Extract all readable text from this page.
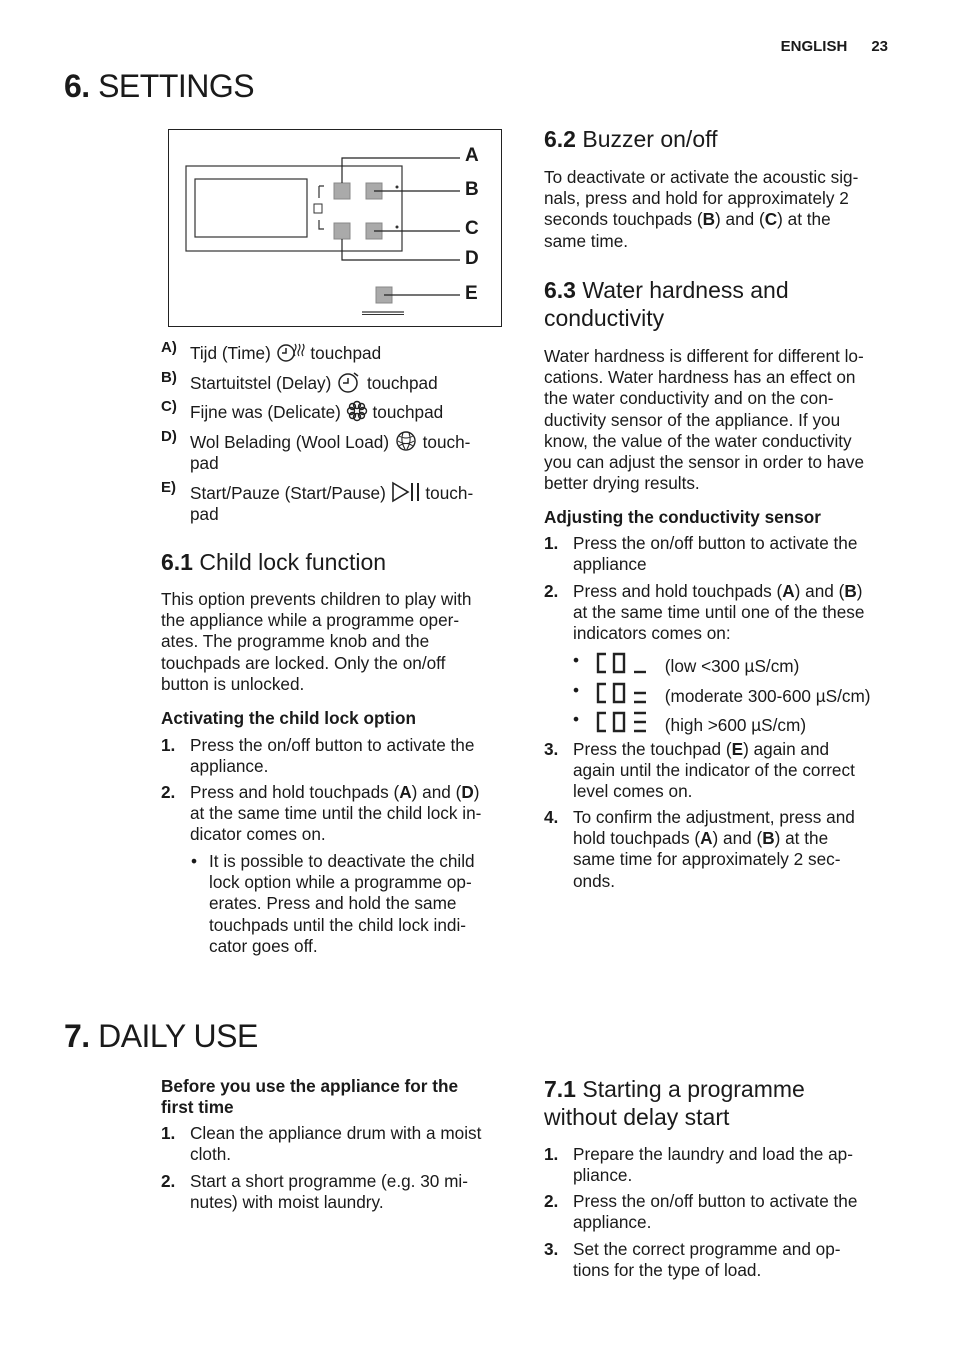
ENGLISH 23
6. SETTINGS
A
B
C
D
E
A) Tijd (Time) touchpad
B) Startuitstel (Delay) touchpad
C) Fijne was (Delicate) touchpad
D) Wol Belading (Wool Load) touch-
pad
E) Start/Pauze (Start/Pause) touch-
pad
6.1 Child lock function
This option prevents children to play with
the appliance while a programme oper-
ates. The programme knob and the
touchpads are locked. Only the on/off
button is unlocked.
Activating the child lock option
1. Press the on/off button to activate the
appliance.
2. Press and hold touchpads (A) and (D)
at the same time until the child lock in-
dicator comes on.
• It is possible to deactivate the child
lock option while a programme op-
erates. Press and hold the same
touchpads until the child lock indi-
cator goes off.
6.2 Buzzer on/off
To deactivate or activate the acoustic sig-
nals, press and hold for approximately 2
seconds touchpads (B) and (C) at the
same time.
6.3 Water hardness and
conductivity
Water hardness is different for different lo-
cations. Water hardness has an effect on
the water conductivity and on the con-
ductivity sensor of the appliance. If you
know, the value of the water conductivity
you can adjust the sensor in order to have
better drying results.
Adjusting the conductivity sensor
1. Press the on/off button to activate the
appliance
2. Press and hold touchpads (A) and (B)
at the same time until one of the these
indicators comes on:
•	(low <300 µS/cm)
•	(moderate 300-600 µS/cm)
•	(high >600 µS/cm)
3. Press the touchpad (E) again and
again until the indicator of the correct
level comes on.
4. To confirm the adjustment, press and
hold touchpads (A) and (B) at the
same time for approximately 2 sec-
onds.
7. DAILY USE
Before you use the appliance for the
first time
1. Clean the appliance drum with a moist
cloth.
2. Start a short programme (e.g. 30 mi-
nutes) with moist laundry.
7.1 Starting a programme
without delay start
1. Prepare the laundry and load the ap-
pliance.
2. Press the on/off button to activate the
appliance.
3. Set the correct programme and op-
tions for the type of load.
